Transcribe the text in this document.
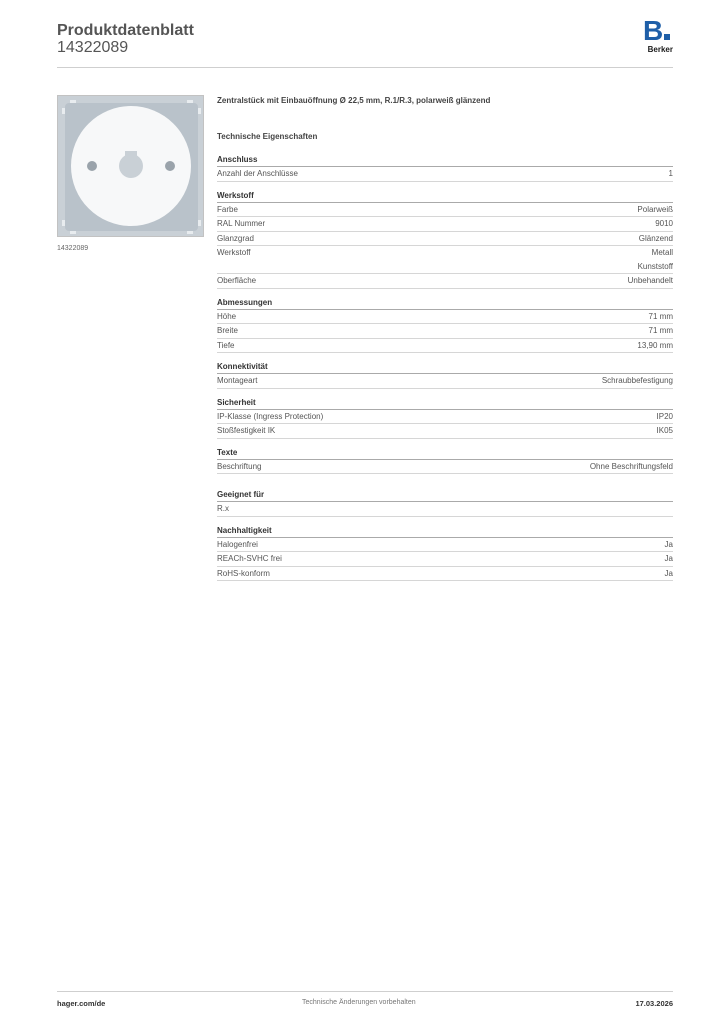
Produktdatenblatt
14322089
B
Berker
14322089
Zentralstück mit Einbauöffnung Ø 22,5 mm, R.1/R.3, polarweiß glänzend
Technische Eigenschaften
Anschluss
Anzahl der Anschlüsse	1
Werkstoff
Farbe	Polarweiß
RAL Nummer	9010
Glanzgrad	Glänzend
Werkstoff	Metall
Kunststoff
Oberfläche	Unbehandelt
Abmessungen
Höhe	71 mm
Breite	71 mm
Tiefe	13,90 mm
Konnektivität
Montageart	Schraubbefestigung
Sicherheit
IP-Klasse (Ingress Protection)	IP20
Stoßfestigkeit IK	IK05
Texte
Beschriftung	Ohne Beschriftungsfeld
Geeignet für
R.x
Nachhaltigkeit
Halogenfrei	Ja
REACh-SVHC frei	Ja
RoHS-konform	Ja
hager.com/de	Technische Änderungen vorbehalten	17.03.2026
